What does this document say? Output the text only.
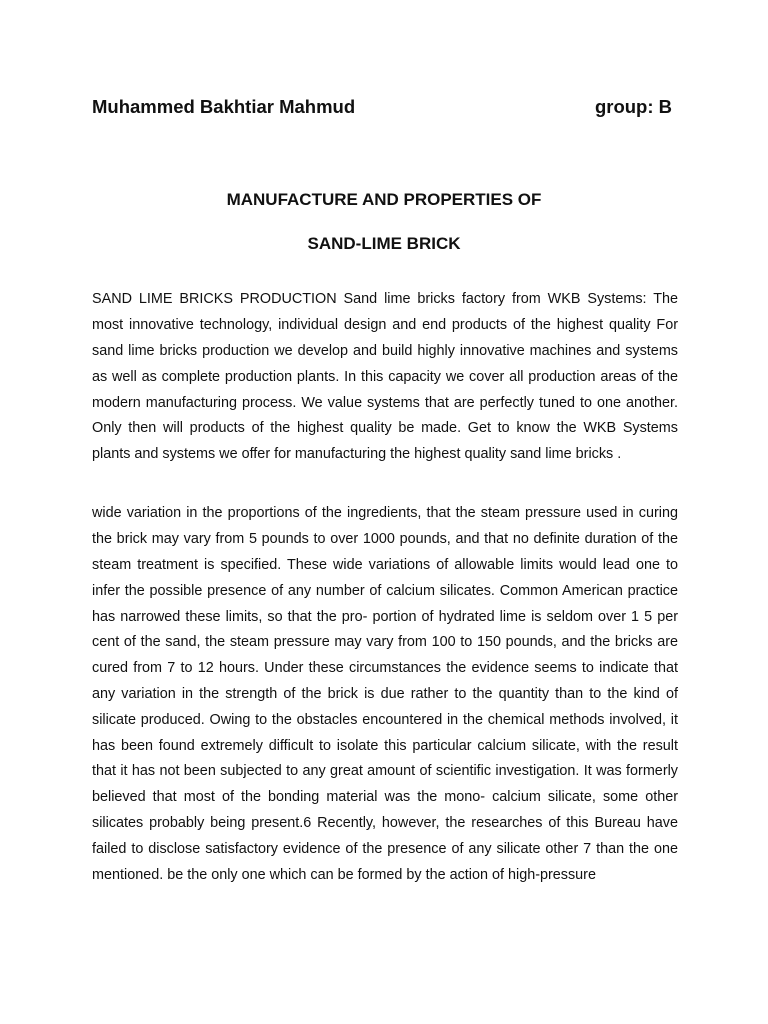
Muhammed Bakhtiar Mahmud	group: B
MANUFACTURE AND PROPERTIES OF
SAND-LIME BRICK

SAND LIME BRICKS PRODUCTION Sand lime bricks factory from WKB Systems: The most innovative technology, individual design and end products of the highest quality For sand lime bricks production we develop and build highly innovative machines and systems as well as complete production plants. In this capacity we cover all production areas of the modern manufacturing process. We value systems that are perfectly tuned to one another. Only then will products of the highest quality be made. Get to know the WKB Systems plants and systems we offer for manufacturing the highest quality sand lime bricks .

wide variation in the proportions of the ingredients, that the steam pressure used in curing the brick may vary from 5 pounds to over 1000 pounds, and that no definite duration of the steam treatment is specified. These wide variations of allowable limits would lead one to infer the possible presence of any number of calcium silicates. Common American practice has narrowed these limits, so that the pro- portion of hydrated lime is seldom over 1 5 per cent of the sand, the steam pressure may vary from 100 to 150 pounds, and the bricks are cured from 7 to 12 hours. Under these circumstances the evidence seems to indicate that any variation in the strength of the brick is due rather to the quantity than to the kind of silicate produced. Owing to the obstacles encountered in the chemical methods involved, it has been found extremely difficult to isolate this particular calcium silicate, with the result that it has not been subjected to any great amount of scientific investigation. It was formerly believed that most of the bonding material was the mono- calcium silicate, some other silicates probably being present.6 Recently, however, the researches of this Bureau have failed to disclose satisfactory evidence of the presence of any silicate other 7 than the one mentioned. be the only one which can be formed by the action of high-pressure
